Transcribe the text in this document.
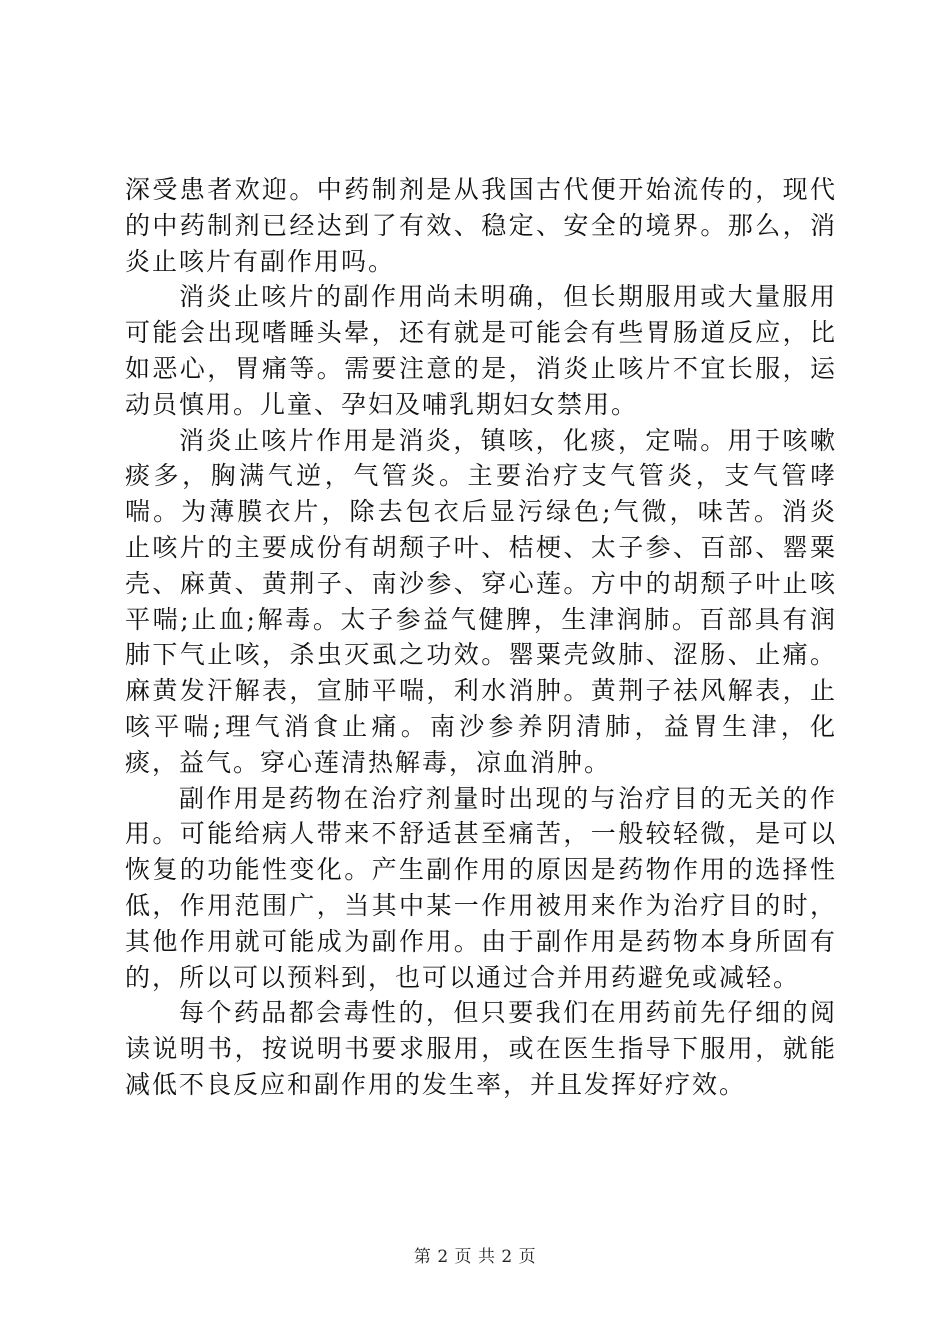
深受患者欢迎。中药制剂是从我国古代便开始流传的，现代的中药制剂已经达到了有效、稳定、安全的境界。那么，消炎止咳片有副作用吗。

消炎止咳片的副作用尚未明确，但长期服用或大量服用可能会出现嗜睡头晕，还有就是可能会有些胃肠道反应，比如恶心，胃痛等。需要注意的是，消炎止咳片不宜长服，运动员慎用。儿童、孕妇及哺乳期妇女禁用。

消炎止咳片作用是消炎，镇咳，化痰，定喘。用于咳嗽痰多，胸满气逆，气管炎。主要治疗支气管炎，支气管哮喘。为薄膜衣片，除去包衣后显污绿色;气微，味苦。消炎止咳片的主要成份有胡颓子叶、桔梗、太子参、百部、罂粟壳、麻黄、黄荆子、南沙参、穿心莲。方中的胡颓子叶止咳平喘;止血;解毒。太子参益气健脾，生津润肺。百部具有润肺下气止咳，杀虫灭虱之功效。罂粟壳敛肺、涩肠、止痛。麻黄发汗解表，宣肺平喘，利水消肿。黄荆子祛风解表，止咳平喘;理气消食止痛。南沙参养阴清肺，益胃生津，化痰，益气。穿心莲清热解毒，凉血消肿。

副作用是药物在治疗剂量时出现的与治疗目的无关的作用。可能给病人带来不舒适甚至痛苦，一般较轻微，是可以恢复的功能性变化。产生副作用的原因是药物作用的选择性低，作用范围广，当其中某一作用被用来作为治疗目的时，其他作用就可能成为副作用。由于副作用是药物本身所固有的，所以可以预料到，也可以通过合并用药避免或减轻。

每个药品都会毒性的，但只要我们在用药前先仔细的阅读说明书，按说明书要求服用，或在医生指导下服用，就能减低不良反应和副作用的发生率，并且发挥好疗效。

第 2 页 共 2 页
